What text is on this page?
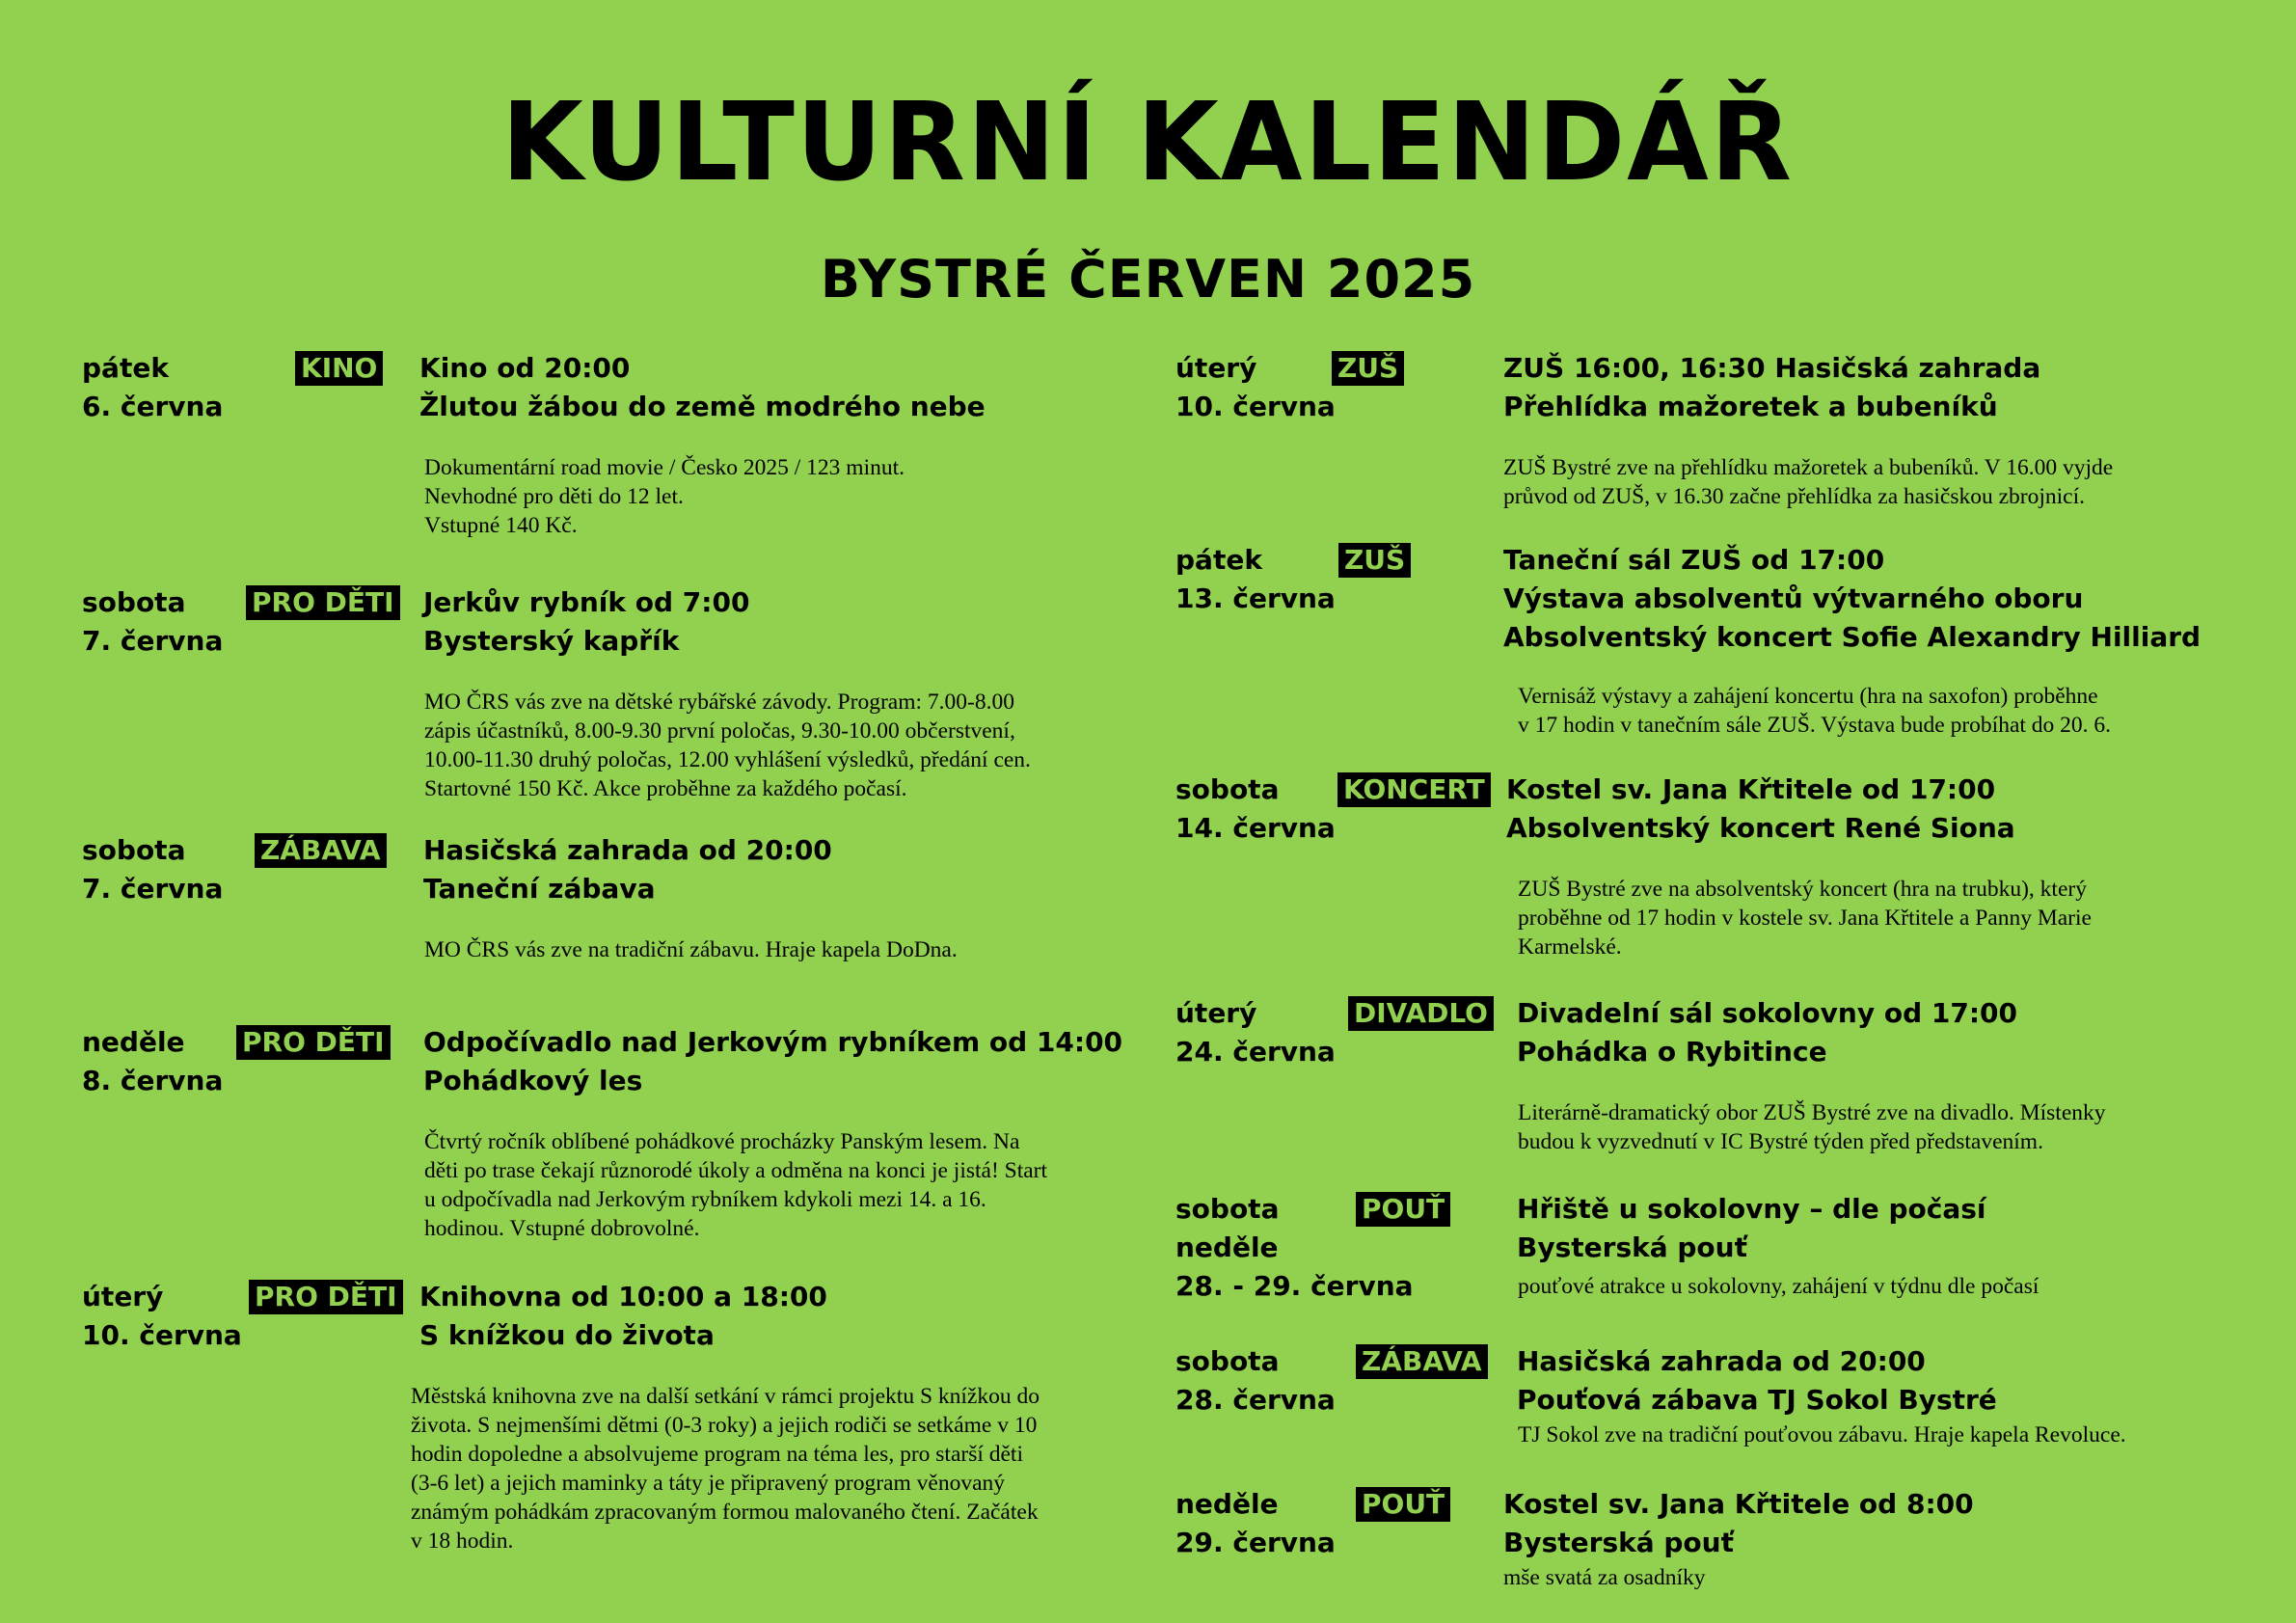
KULTURNÍ KALENDÁŘ
BYSTRÉ ČERVEN 2025
pátek
6. června
KINO Kino od 20:00
Žlutou žábou do země modrého nebe

Dokumentární road movie / Česko 2025 / 123 minut.

Nevhodné pro děti do 12 let.

Vstupné 140 Kč.

sobota
7. června
PRO DĚTI Jerkův rybník od 7:00
Bysterský kapřík

MO ČRS vás zve na dětské rybářské závody. Program: 7.00-8.00

zápis účastníků, 8.00-9.30 první poločas, 9.30-10.00 občerstvení,

10.00-11.30 druhý poločas, 12.00 vyhlášení výsledků, předání cen.

Startovné 150 Kč. Akce proběhne za každého počasí.

sobota
7. června
ZÁBAVA Hasičská zahrada od 20:00
Taneční zábava

MO ČRS vás zve na tradiční zábavu. Hraje kapela DoDna.

neděle
8. června
PRO DĚTI Odpočívadlo nad Jerkovým rybníkem od 14:00
Pohádkový les

Čtvrtý ročník oblíbené pohádkové procházky Panským lesem. Na

děti po trase čekají různorodé úkoly a odměna na konci je jistá! Start

u odpočívadla nad Jerkovým rybníkem kdykoli mezi 14. a 16.

hodinou. Vstupné dobrovolné.

úterý
10. června
PRO DĚTI Knihovna od 10:00 a 18:00
S knížkou do života

Městská knihovna zve na další setkání v rámci projektu S knížkou do

života. S nejmenšími dětmi (0-3 roky) a jejich rodiči se setkáme v 10

hodin dopoledne a absolvujeme program na téma les, pro starší děti

(3-6 let) a jejich maminky a táty je připravený program věnovaný

známým pohádkám zpracovaným formou malovaného čtení. Začátek

v 18 hodin.

úterý
10. června
ZUŠ	ZUŠ 16:00, 16:30 Hasičská zahrada
Přehlídka mažoretek a bubeníků

ZUŠ Bystré zve na přehlídku mažoretek a bubeníků. V 16.00 vyjde

průvod od ZUŠ, v 16.30 začne přehlídka za hasičskou zbrojnicí.

pátek
13. června
ZUŠ	Taneční sál ZUŠ od 17:00
Výstava absolventů výtvarného oboru
Absolventský koncert Sofie Alexandry Hilliard

Vernisáž výstavy a zahájení koncertu (hra na saxofon) proběhne

v 17 hodin v tanečním sále ZUŠ. Výstava bude probíhat do 20. 6.

sobota
14. června
KONCERT Kostel sv. Jana Křtitele od 17:00
Absolventský koncert René Siona

ZUŠ Bystré zve na absolventský koncert (hra na trubku), který

proběhne od 17 hodin v kostele sv. Jana Křtitele a Panny Marie

Karmelské.

úterý
24. června
DIVADLO Divadelní sál sokolovny od 17:00
Pohádka o Rybitince

Literárně-dramatický obor ZUŠ Bystré zve na divadlo. Místenky

budou k vyzvednutí v IC Bystré týden před představením.

sobota
neděle
28. - 29. června
POUŤ	Hřiště u sokolovny – dle počasí
Bysterská pouť

pouťové atrakce u sokolovny, zahájení v týdnu dle počasí

sobota
28. června
ZÁBAVA Hasičská zahrada od 20:00
Pouťová zábava TJ Sokol Bystré

TJ Sokol zve na tradiční pouťovou zábavu. Hraje kapela Revoluce.

neděle
29. června
POUŤ Kostel sv. Jana Křtitele od 8:00
Bysterská pouť

mše svatá za osadníky
